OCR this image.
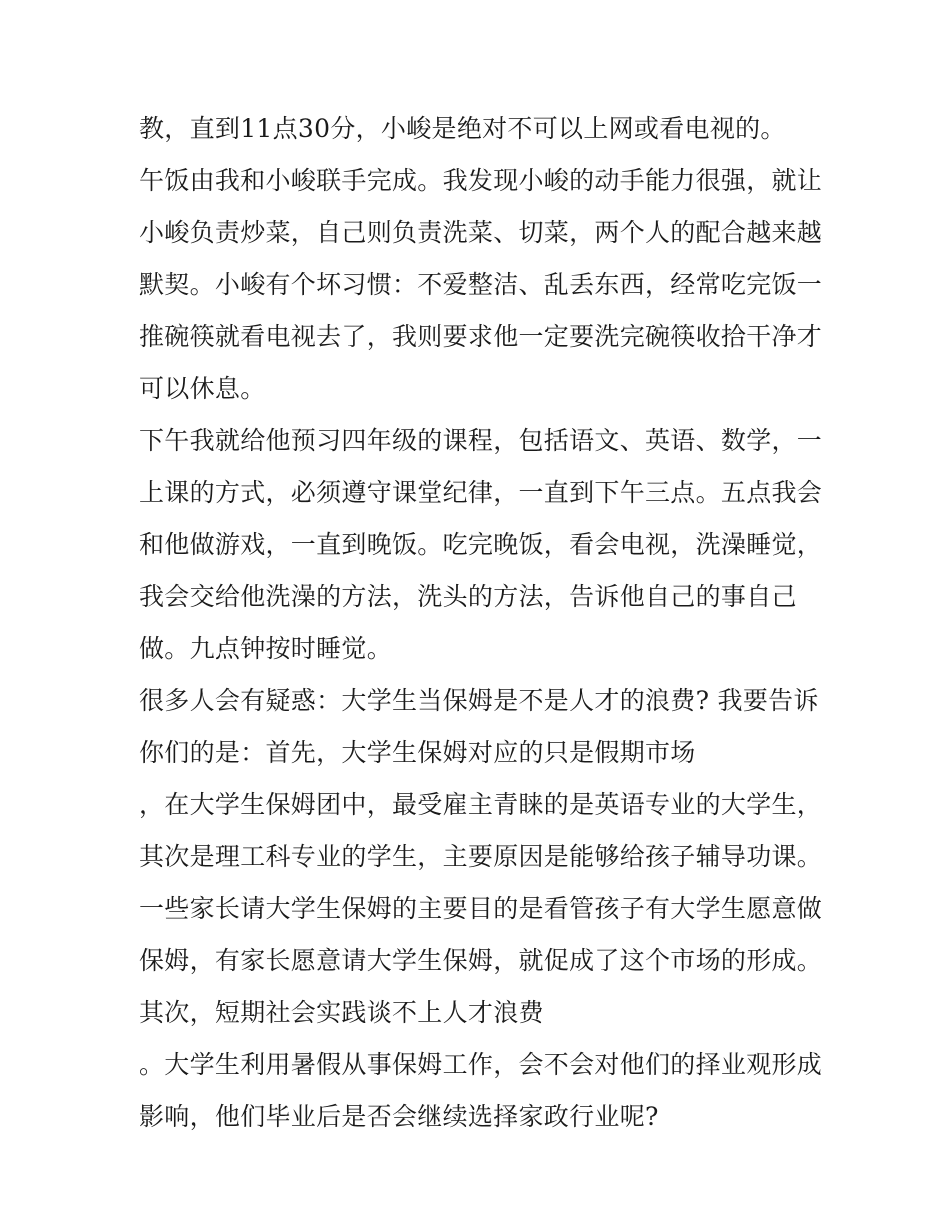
教，直到11点30分，小峻是绝对不可以上网或看电视的。
午饭由我和小峻联手完成。我发现小峻的动手能力很强，就让
小峻负责炒菜，自己则负责洗菜、切菜，两个人的配合越来越
默契。小峻有个坏习惯：不爱整洁、乱丢东西，经常吃完饭一
推碗筷就看电视去了，我则要求他一定要洗完碗筷收拾干净才
可以休息。
下午我就给他预习四年级的课程，包括语文、英语、数学，一
上课的方式，必须遵守课堂纪律，一直到下午三点。五点我会
和他做游戏，一直到晚饭。吃完晚饭，看会电视，洗澡睡觉，
我会交给他洗澡的方法，洗头的方法，告诉他自己的事自己
做。九点钟按时睡觉。
很多人会有疑惑：大学生当保姆是不是人才的浪费? 我要告诉
你们的是：首先，大学生保姆对应的只是假期市场
，在大学生保姆团中，最受雇主青睐的是英语专业的大学生，
其次是理工科专业的学生，主要原因是能够给孩子辅导功课。
一些家长请大学生保姆的主要目的是看管孩子有大学生愿意做
保姆，有家长愿意请大学生保姆，就促成了这个市场的形成。
其次，短期社会实践谈不上人才浪费
。大学生利用暑假从事保姆工作，会不会对他们的择业观形成
影响，他们毕业后是否会继续选择家政行业呢?
